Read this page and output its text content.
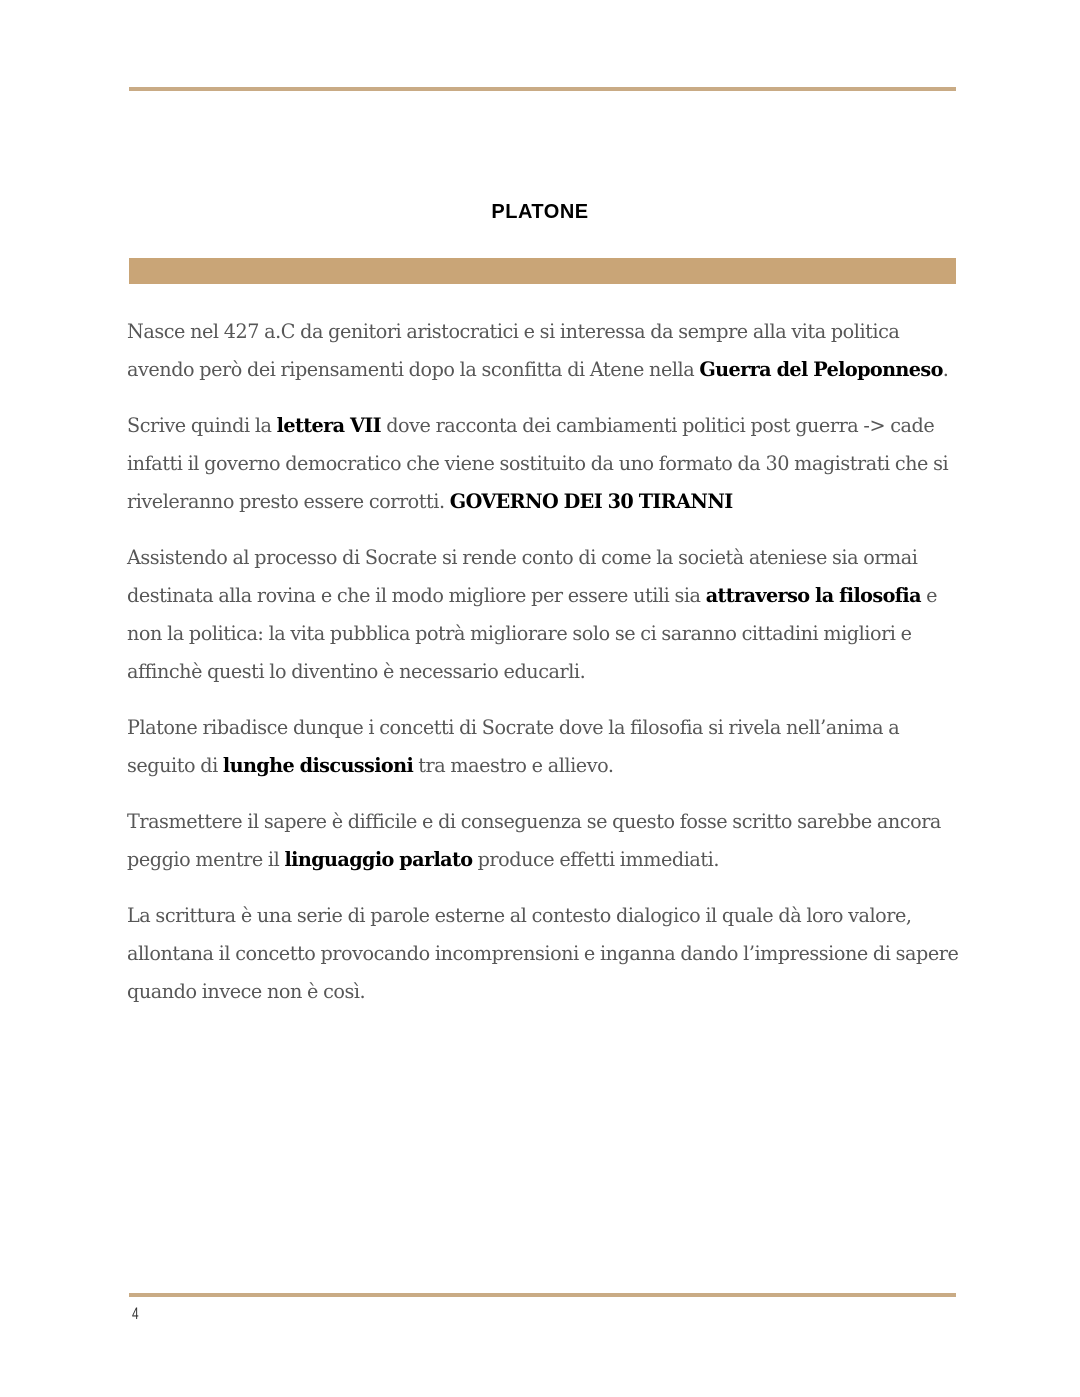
PLATONE

Nasce nel 427 a.C da genitori aristocratici e si interessa da sempre alla vita politica avendo però dei ripensamenti dopo la sconfitta di Atene nella Guerra del Peloponneso.

Scrive quindi la lettera VII dove racconta dei cambiamenti politici post guerra -> cade infatti il governo democratico che viene sostituito da uno formato da 30 magistrati che si riveleranno presto essere corrotti. GOVERNO DEI 30 TIRANNI

Assistendo al processo di Socrate si rende conto di come la società ateniese sia ormai destinata alla rovina e che il modo migliore per essere utili sia attraverso la filosofia e non la politica: la vita pubblica potrà migliorare solo se ci saranno cittadini migliori e affinchè questi lo diventino è necessario educarli.

Platone ribadisce dunque i concetti di Socrate dove la filosofia si rivela nell’anima a seguito di lunghe discussioni tra maestro e allievo.

Trasmettere il sapere è difficile e di conseguenza se questo fosse scritto sarebbe ancora peggio mentre il linguaggio parlato produce effetti immediati.

La scrittura è una serie di parole esterne al contesto dialogico il quale dà loro valore, allontana il concetto provocando incomprensioni e inganna dando l’impressione di sapere quando invece non è così.

4
